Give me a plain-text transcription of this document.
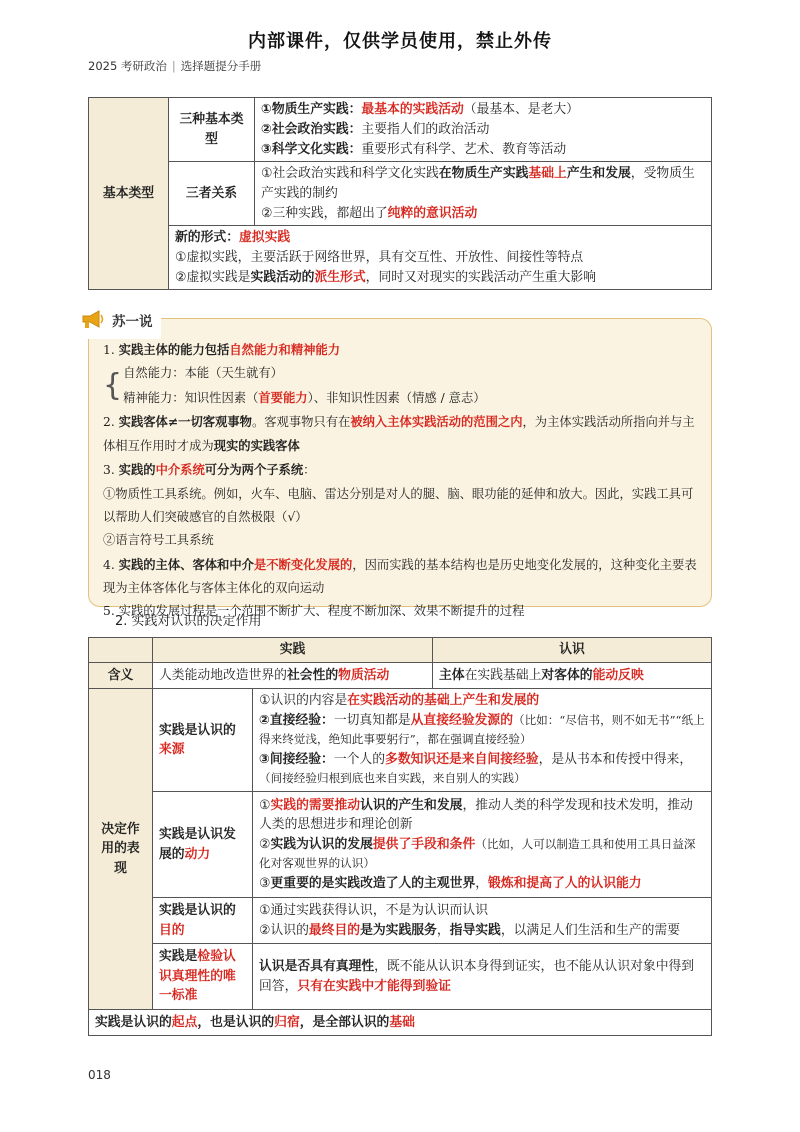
内部课件，仅供学员使用，禁止外传
2025 考研政治 | 选择题提分手册
基本类型	三种基本类型	①物质生产实践：最基本的实践活动（最基本、是老大）
②社会政治实践：主要指人们的政治活动
③科学文化实践：重要形式有科学、艺术、教育等活动

	三者关系	①社会政治实践和科学文化实践在物质生产实践基础上产生和发展，受物质生产实践的制约
②三种实践，都超出了纯粹的意识活动

	新的形式：虚拟实践
①虚拟实践，主要活跃于网络世界，具有交互性、开放性、间接性等特点
②虚拟实践是实践活动的派生形式，同时又对现实的实践活动产生重大影响	
1. 实践主体的能力包括自然能力和精神能力
{ 自然能力：本能（天生就有）
精神能力：知识性因素（首要能力）、非知识性因素（情感 / 意志）
2. 实践客体≠一切客观事物。客观事物只有在被纳入主体实践活动的范围之内，为主体实践活动所指向并与主体相互作用时才成为现实的实践客体
3. 实践的中介系统可分为两个子系统：
①物质性工具系统。例如，火车、电脑、雷达分别是对人的腿、脑、眼功能的延伸和放大。因此，实践工具可以帮助人们突破感官的自然极限（√）
②语言符号工具系统
4. 实践的主体、客体和中介是不断变化发展的，因而实践的基本结构也是历史地变化发展的，这种变化主要表现为主体客体化与客体主体化的双向运动
5. 实践的发展过程是一个范围不断扩大、程度不断加深、效果不断提升的过程
苏一说
2. 实践对认识的决定作用
	实践		认识
含义	人类能动地改造世界的社会性的物质活动		主体在实践基础上对客体的能动反映
决定作用的表现	实践是认识的来源	①认识的内容是在实践活动的基础上产生和发展的
②直接经验：一切真知都是从直接经验发源的（比如：“尽信书，则不如无书”“纸上得来终觉浅，绝知此事要躬行”，都在强调直接经验）
③间接经验：一个人的多数知识还是来自间接经验，是从书本和传授中得来，（间接经验归根到底也来自实践，来自别人的实践）	

	实践是认识发展的动力	①实践的需要推动认识的产生和发展，推动人类的科学发现和技术发明，推动人类的思想进步和理论创新
②实践为认识的发展提供了手段和条件（比如，人可以制造工具和使用工具日益深化对客观世界的认识）
③更重要的是实践改造了人的主观世界，锻炼和提高了人的认识能力	

	实践是认识的目的	①通过实践获得认识，不是为认识而认识
②认识的最终目的是为实践服务，指导实践，以满足人们生活和生产的需要	

	实践是检验认识真理性的唯一标准	认识是否具有真理性，既不能从认识本身得到证实，也不能从认识对象中得到回答，只有在实践中才能得到验证	
实践是认识的起点，也是认识的归宿，是全部认识的基础			
018
